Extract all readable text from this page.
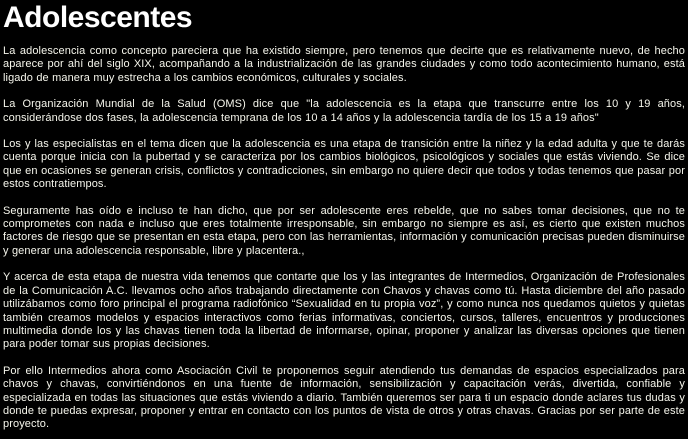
Adolescentes

La adolescencia como concepto pareciera que ha existido siempre, pero tenemos que decirte que es relativamente nuevo, de hecho aparece por ahí del siglo XIX, acompañando a la industrialización de las grandes ciudades y como todo acontecimiento humano, está ligado de manera muy estrecha a los cambios económicos, culturales y sociales.

La Organización Mundial de la Salud (OMS) dice que "la adolescencia es la etapa que transcurre entre los 10 y 19 años, considerándose dos fases, la adolescencia temprana de los 10 a 14 años y la adolescencia tardía de los 15 a 19 años"

Los y las especialistas en el tema dicen que la adolescencia es una etapa de transición entre la niñez y la edad adulta y que te darás cuenta porque inicia con la pubertad y se caracteriza por los cambios biológicos, psicológicos y sociales que estás viviendo. Se dice que en ocasiones se generan crisis, conflictos y contradicciones, sin embargo no quiere decir que todos y todas tenemos que pasar por estos contratiempos.

Seguramente has oído e incluso te han dicho, que por ser adolescente eres rebelde, que no sabes tomar decisiones, que no te comprometes con nada e incluso que eres totalmente irresponsable, sin embargo no siempre es así, es cierto que existen muchos factores de riesgo que se presentan en esta etapa, pero con las herramientas, información y comunicación precisas pueden disminuirse y generar una adolescencia responsable, libre y placentera.,

Y acerca de esta etapa de nuestra vida tenemos que contarte que los y las integrantes de Intermedios, Organización de Profesionales de la Comunicación A.C. llevamos ocho años trabajando directamente con Chavos y chavas como tú. Hasta diciembre del año pasado utilizábamos como foro principal el programa radiofónico “Sexualidad en tu propia voz”, y como nunca nos quedamos quietos y quietas también creamos modelos y espacios interactivos como ferias informativas, conciertos, cursos, talleres, encuentros y producciones multimedia donde los y las chavas tienen toda la libertad de informarse, opinar, proponer y analizar las diversas opciones que tienen para poder tomar sus propias decisiones.

Por ello Intermedios ahora como Asociación Civil te proponemos seguir atendiendo tus demandas de espacios especializados para chavos y chavas, convirtiéndonos en una fuente de información, sensibilización y capacitación verás, divertida, confiable y especializada en todas las situaciones que estás viviendo a diario. También queremos ser para ti un espacio donde aclares tus dudas y donde te puedas expresar, proponer y entrar en contacto con los puntos de vista de otros y otras chavas. Gracias por ser parte de este proyecto.
